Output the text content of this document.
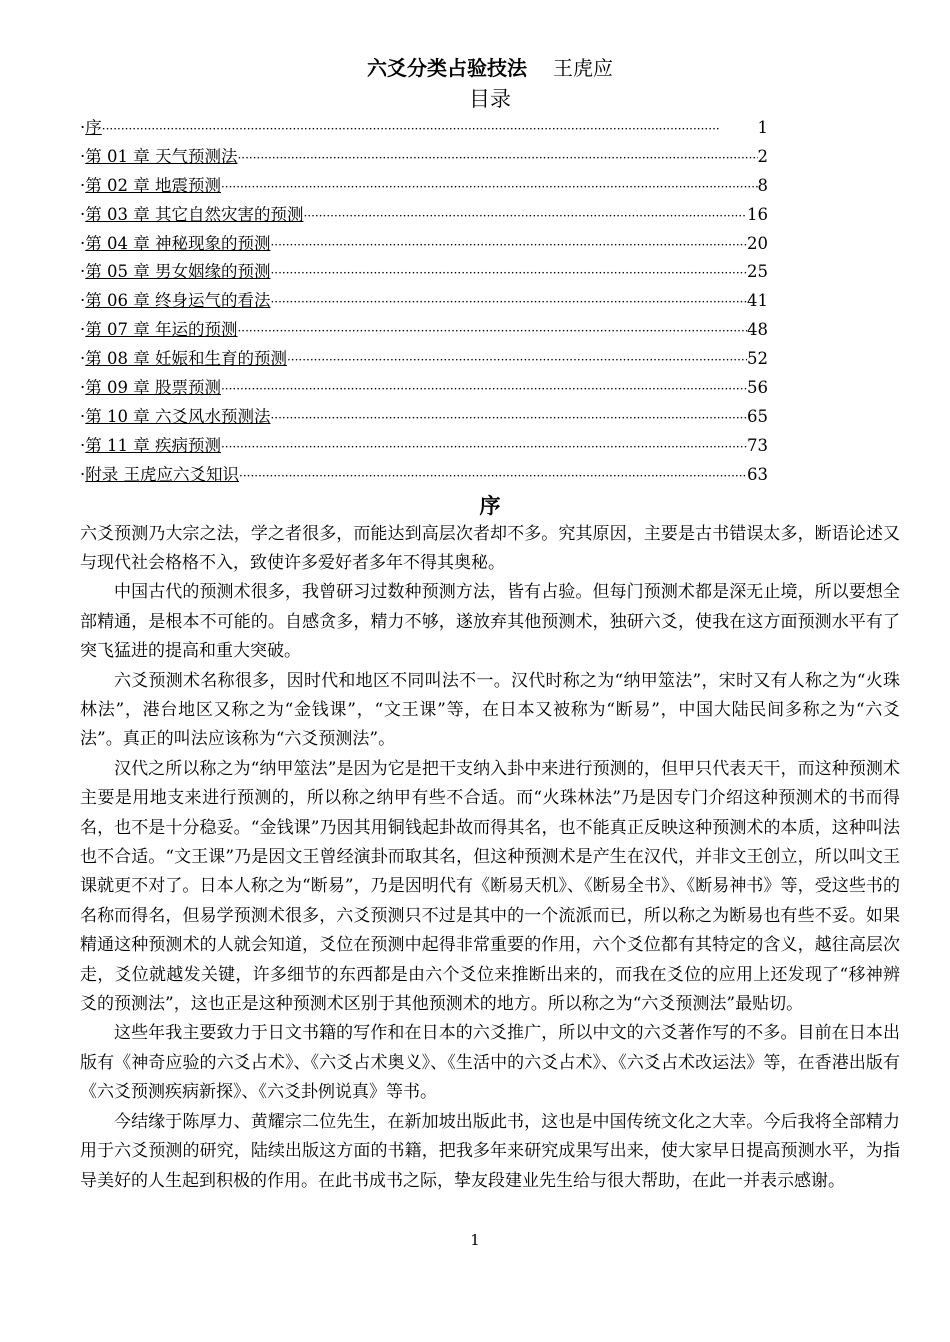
六爻分类占验技法 王虎应
目录
· 序 ·····	1
· 第 01 章 天气预测法 ·····	2
· 第 02 章 地震预测 ·····	8
· 第 03 章 其它自然灾害的预测 ·····	16
· 第 04 章 神秘现象的预测 ·····	20
· 第 05 章 男女姻缘的预测 ·····	25
· 第 06 章 终身运气的看法 ·····	41
· 第 07 章 年运的预测 ·····	48
· 第 08 章 妊娠和生育的预测 ·····	52
· 第 09 章 股票预测 ·····	56
· 第 10 章 六爻风水预测法 ·····	65
· 第 11 章 疾病预测 ·····	73
· 附录 王虎应六爻知识 ·····	63
序

六爻预测乃大宗之法，学之者很多，而能达到高层次者却不多。究其原因，主要是古书错误太多，断语论述又与现代社会格格不入，致使许多爱好者多年不得其奥秘。

中国古代的预测术很多，我曾研习过数种预测方法，皆有占验。但每门预测术都是深无止境，所以要想全部精通，是根本不可能的。自感贪多，精力不够，遂放弃其他预测术，独研六爻，使我在这方面预测水平有了突飞猛进的提高和重大突破。

六爻预测术名称很多，因时代和地区不同叫法不一。汉代时称之为“纳甲筮法”，宋时又有人称之为“火珠林法”，港台地区又称之为“金钱课”，“文王课”等，在日本又被称为“断易”，中国大陆民间多称之为“六爻法”。真正的叫法应该称为“六爻预测法”。

汉代之所以称之为“纳甲筮法”是因为它是把干支纳入卦中来进行预测的，但甲只代表天干，而这种预测术主要是用地支来进行预测的，所以称之纳甲有些不合适。而“火珠林法”乃是因专门介绍这种预测术的书而得名，也不是十分稳妥。“金钱课”乃因其用铜钱起卦故而得其名，也不能真正反映这种预测术的本质，这种叫法也不合适。“文王课”乃是因文王曾经演卦而取其名，但这种预测术是产生在汉代，并非文王创立，所以叫文王课就更不对了。日本人称之为“断易”，乃是因明代有《断易天机》、《断易全书》、《断易神书》等，受这些书的名称而得名，但易学预测术很多，六爻预测只不过是其中的一个流派而已，所以称之为断易也有些不妥。如果精通这种预测术的人就会知道，爻位在预测中起得非常重要的作用，六个爻位都有其特定的含义，越往高层次走，爻位就越发关键，许多细节的东西都是由六个爻位来推断出来的，而我在爻位的应用上还发现了“移神辨爻的预测法”，这也正是这种预测术区别于其他预测术的地方。所以称之为“六爻预测法”最贴切。

这些年我主要致力于日文书籍的写作和在日本的六爻推广，所以中文的六爻著作写的不多。目前在日本出版有《神奇应验的六爻占术》、《六爻占术奥义》、《生活中的六爻占术》、《六爻占术改运法》等，在香港出版有《六爻预测疾病新探》、《六爻卦例说真》等书。

今结缘于陈厚力、黄耀宗二位先生，在新加坡出版此书，这也是中国传统文化之大幸。今后我将全部精力用于六爻预测的研究，陆续出版这方面的书籍，把我多年来研究成果写出来，使大家早日提高预测水平，为指导美好的人生起到积极的作用。在此书成书之际，挚友段建业先生给与很大帮助，在此一并表示感谢。

1
